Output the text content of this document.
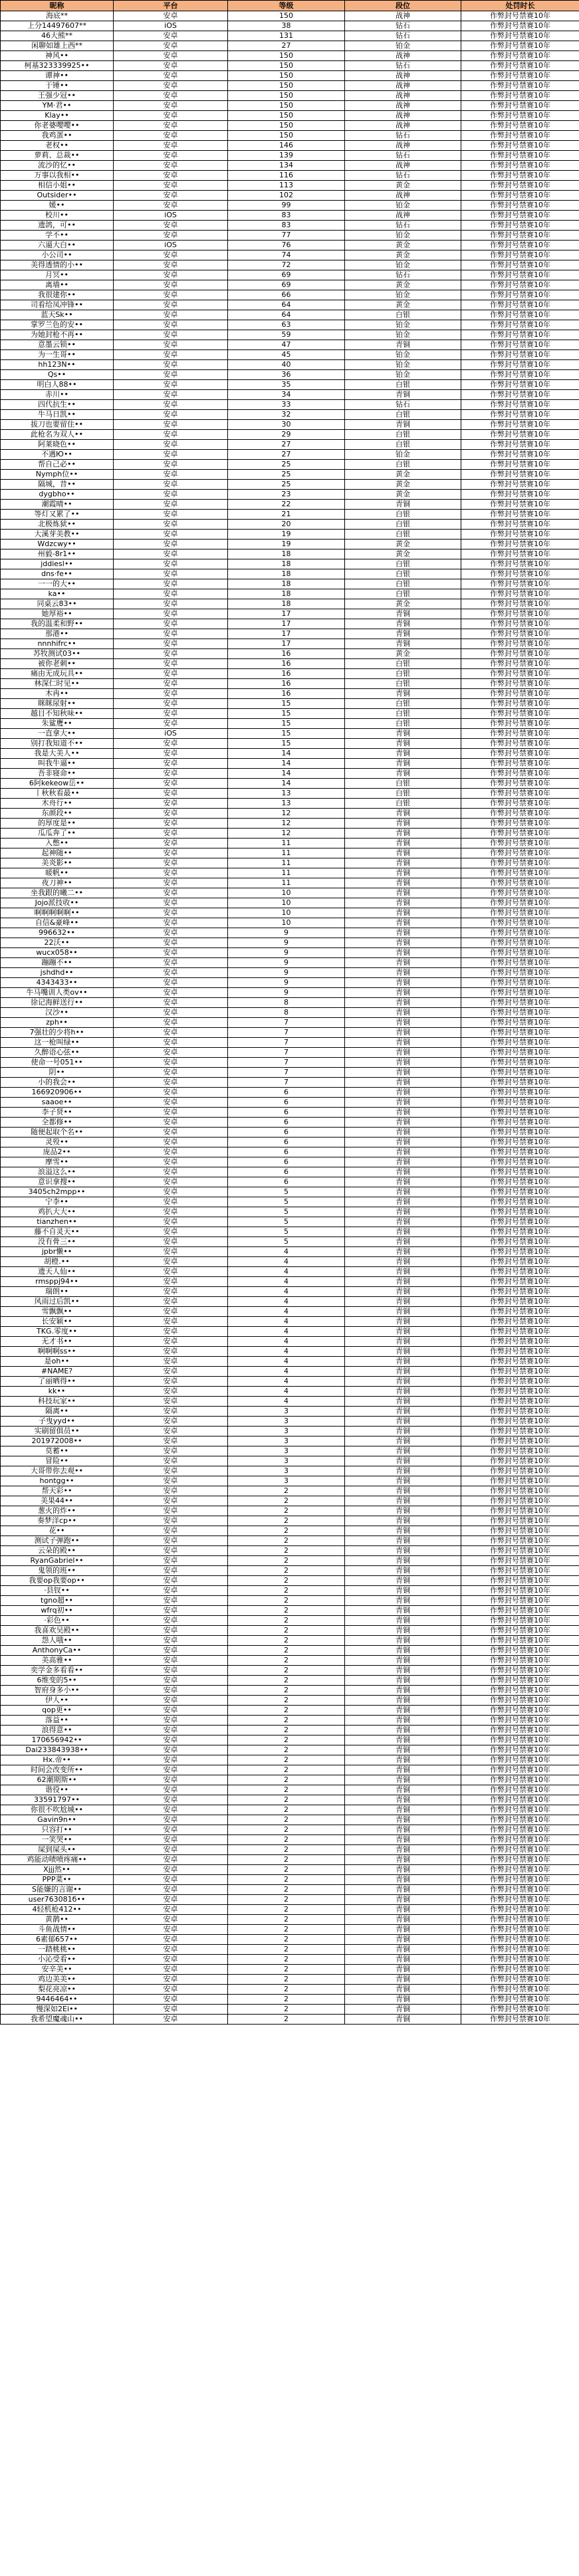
昵称	平台	等级	段位	处罚时长
海底**	安卓	150	战神	作弊封号禁赛10年
上分14497607**	iOS	38	钻石	作弊封号禁赛10年
46大熊**	安卓	131	钻石	作弊封号禁赛10年
闲聊如雄上西**	安卓	27	铂金	作弊封号禁赛10年
神风••	安卓	150	战神	作弊封号禁赛10年
柯基323339925••	安卓	150	钻石	作弊封号禁赛10年
谭神••	安卓	150	战神	作弊封号禁赛10年
于锤••	安卓	150	战神	作弊封号禁赛10年
王强少冠••	安卓	150	战神	作弊封号禁赛10年
YM·君••	安卓	150	战神	作弊封号禁赛10年
Klay••	安卓	150	战神	作弊封号禁赛10年
你老婆嘤嘤••	安卓	150	战神	作弊封号禁赛10年
我鸡蛋••	安卓	150	钻石	作弊封号禁赛10年
老权••	安卓	146	战神	作弊封号禁赛10年
萝莉、总裁••	安卓	139	钻石	作弊封号禁赛10年
流沙的忆••	安卓	134	战神	作弊封号禁赛10年
万事以我相••	安卓	116	钻石	作弊封号禁赛10年
相信小姐••	安卓	113	黄金	作弊封号禁赛10年
Outsider••	安卓	102	战神	作弊封号禁赛10年
媛••	安卓	99	铂金	作弊封号禁赛10年
校川••	iOS	83	战神	作弊封号禁赛10年
遗鸽，可••	安卓	83	钻石	作弊封号禁赛10年
学不••	安卓	77	铂金	作弊封号禁赛10年
六逼大白••	iOS	76	黄金	作弊封号禁赛10年
小公司••	安卓	74	黄金	作弊封号禁赛10年
美得透情的小••	安卓	72	铂金	作弊封号禁赛10年
月冥••	安卓	69	钻石	作弊封号禁赛10年
离墙••	安卓	69	黄金	作弊封号禁赛10年
我很建你••	安卓	66	铂金	作弊封号禁赛10年
司看给凤冲锋••	安卓	64	黄金	作弊封号禁赛10年
蓝天Sk••	安卓	64	白银	作弊封号禁赛10年
掌罗兰色的安••	安卓	63	铂金	作弊封号禁赛10年
为她封枪不再••	安卓	59	铂金	作弊封号禁赛10年
意墨云锁••	安卓	47	青铜	作弊封号禁赛10年
为一生哥••	安卓	45	铂金	作弊封号禁赛10年
hh123N••	安卓	40	铂金	作弊封号禁赛10年
Qs••	安卓	36	铂金	作弊封号禁赛10年
明白人88••	安卓	35	白银	作弊封号禁赛10年
赤川••	安卓	34	青铜	作弊封号禁赛10年
四代抗生••	安卓	33	钻石	作弊封号禁赛10年
牛马日凯••	安卓	32	白银	作弊封号禁赛10年
拔刀也要留住••	安卓	30	青铜	作弊封号禁赛10年
此枪名为双人••	安卓	29	白银	作弊封号禁赛10年
阿莱晓色••	安卓	27	白银	作弊封号禁赛10年
不遇Ю••	安卓	27	铂金	作弊封号禁赛10年
帮自己必••	安卓	25	白银	作弊封号禁赛10年
Nymph位••	安卓	25	黄金	作弊封号禁赛10年
隔城，昔••	安卓	25	黄金	作弊封号禁赛10年
dygbho••	安卓	23	黄金	作弊封号禁赛10年
潮霞晴••	安卓	22	青铜	作弊封号禁赛10年
等灯又累了••	安卓	21	白银	作弊封号禁赛10年
北极炼狱••	安卓	20	白银	作弊封号禁赛10年
大溪芽美教••	安卓	19	白银	作弊封号禁赛10年
Wdzcwy••	安卓	19	黄金	作弊封号禁赛10年
州毅-8r1••	安卓	18	黄金	作弊封号禁赛10年
jddiesl••	安卓	18	白银	作弊封号禁赛10年
dns·fe••	安卓	18	白银	作弊封号禁赛10年
一一的大••	安卓	18	白银	作弊封号禁赛10年
ka••	安卓	18	白银	作弊封号禁赛10年
同桌云83••	安卓	18	黄金	作弊封号禁赛10年
她厚裕••	安卓	17	青铜	作弊封号禁赛10年
我的温柔和野••	安卓	17	青铜	作弊封号禁赛10年
那港••	安卓	17	青铜	作弊封号禁赛10年
nnnhifrc••	安卓	17	青铜	作弊封号禁赛10年
苏牧测试03••	安卓	16	黄金	作弊封号禁赛10年
被你老刺••	安卓	16	白银	作弊封号禁赛10年
痛由无成玩具••	安卓	16	白银	作弊封号禁赛10年
林深仁时见••	安卓	16	白银	作弊封号禁赛10年
木冉••	安卓	16	青铜	作弊封号禁赛10年
眯眯尿射••	安卓	15	白银	作弊封号禁赛10年
越目不知秋味••	安卓	15	白银	作弊封号禁赛10年
朱鲨鹰••	安卓	15	白银	作弊封号禁赛10年
一直拿大••	iOS	15	青铜	作弊封号禁赛10年
别打我知道不••	安卓	15	青铜	作弊封号禁赛10年
我是大美人••	安卓	14	青铜	作弊封号禁赛10年
叫我牛逼••	安卓	14	青铜	作弊封号禁赛10年
吾非寝命••	安卓	14	青铜	作弊封号禁赛10年
6阿kekeow岳••	安卓	14	白银	作弊封号禁赛10年
丨秋秋看最••	安卓	13	白银	作弊封号禁赛10年
木舟行••	安卓	13	白银	作弊封号禁赛10年
东颜段••	安卓	12	青铜	作弊封号禁赛10年
的厚度是••	安卓	12	青铜	作弊封号禁赛10年
瓜瓜奔了••	安卓	12	青铜	作弊封号禁赛10年
入憋••	安卓	11	青铜	作弊封号禁赛10年
起神随••	安卓	11	青铜	作弊封号禁赛10年
美炎影••	安卓	11	青铜	作弊封号禁赛10年
暖帆••	安卓	11	青铜	作弊封号禁赛10年
夜刀神••	安卓	11	青铜	作弊封号禁赛10年
坐我跟的曦二••	安卓	10	青铜	作弊封号禁赛10年
Jojo派技收••	安卓	10	青铜	作弊封号禁赛10年
啊啊啊啊啊••	安卓	10	青铜	作弊封号禁赛10年
自信&豪峰••	安卓	10	青铜	作弊封号禁赛10年
996632••	安卓	9	青铜	作弊封号禁赛10年
22沃••	安卓	9	青铜	作弊封号禁赛10年
wucx058••	安卓	9	青铜	作弊封号禁赛10年
蹦蹦不••	安卓	9	青铜	作弊封号禁赛10年
jshdhd••	安卓	9	青铜	作弊封号禁赛10年
4343433••	安卓	9	青铜	作弊封号禁赛10年
牛马嘴训人类ov••	安卓	9	青铜	作弊封号禁赛10年
徐记海鲜送行••	安卓	8	青铜	作弊封号禁赛10年
汉沙••	安卓	8	青铜	作弊封号禁赛10年
zph••	安卓	7	青铜	作弊封号禁赛10年
7强壮的少将h••	安卓	7	青铜	作弊封号禁赛10年
这一枪叫绿••	安卓	7	青铜	作弊封号禁赛10年
久醉语心弦••	安卓	7	青铜	作弊封号禁赛10年
使命一号051••	安卓	7	青铜	作弊封号禁赛10年
阴••	安卓	7	青铜	作弊封号禁赛10年
小的我会••	安卓	7	青铜	作弊封号禁赛10年
166920906••	安卓	6	青铜	作弊封号禁赛10年
saaoe••	安卓	6	青铜	作弊封号禁赛10年
李子贤••	安卓	6	青铜	作弊封号禁赛10年
全都修••	安卓	6	青铜	作弊封号禁赛10年
随便起取个名••	安卓	6	青铜	作弊封号禁赛10年
灵殁••	安卓	6	青铜	作弊封号禁赛10年
庞品2••	安卓	6	青铜	作弊封号禁赛10年
摩雪••	安卓	6	青铜	作弊封号禁赛10年
浪溢这么••	安卓	6	青铜	作弊封号禁赛10年
意识拿搜••	安卓	6	青铜	作弊封号禁赛10年
3405ch2mpp••	安卓	5	青铜	作弊封号禁赛10年
宁李••	安卓	5	青铜	作弊封号禁赛10年
鸡扒大大••	安卓	5	青铜	作弊封号禁赛10年
tianzhen••	安卓	5	青铜	作弊封号禁赛10年
藤不自灵天••	安卓	5	青铜	作弊封号禁赛10年
没有骨三••	安卓	5	青铜	作弊封号禁赛10年
jpbr懒••	安卓	4	青铜	作弊封号禁赛10年
胡橙.••	安卓	4	青铜	作弊封号禁赛10年
遗天人仙••	安卓	4	青铜	作弊封号禁赛10年
rmsppj94••	安卓	4	青铜	作弊封号禁赛10年
瑞朗••	安卓	4	青铜	作弊封号禁赛10年
风雨过后凯••	安卓	4	青铜	作弊封号禁赛10年
雪飘飘••	安卓	4	青铜	作弊封号禁赛10年
长安颖••	安卓	4	青铜	作弊封号禁赛10年
TKG.零度••	安卓	4	青铜	作弊封号禁赛10年
无才书••	安卓	4	青铜	作弊封号禁赛10年
啊啊啊ss••	安卓	4	青铜	作弊封号禁赛10年
是oh••	安卓	4	青铜	作弊封号禁赛10年
#NAME?	安卓	4	青铜	作弊封号禁赛10年
了丽晒得••	安卓	4	青铜	作弊封号禁赛10年
kk••	安卓	4	青铜	作弊封号禁赛10年
科技玩家••	安卓	4	青铜	作弊封号禁赛10年
隔离••	安卓	3	青铜	作弊封号禁赛10年
子曳yyd••	安卓	3	青铜	作弊封号禁赛10年
实刷留俱员••	安卓	3	青铜	作弊封号禁赛10年
201972008••	安卓	3	青铜	作弊封号禁赛10年
莫蓄••	安卓	3	青铜	作弊封号禁赛10年
冒险••	安卓	3	青铜	作弊封号禁赛10年
大哥带你去观••	安卓	3	青铜	作弊封号禁赛10年
hontgg••	安卓	3	青铜	作弊封号禁赛10年
帮天彩••	安卓	2	青铜	作弊封号禁赛10年
美果44••	安卓	2	青铜	作弊封号禁赛10年
葱火的炸••	安卓	2	青铜	作弊封号禁赛10年
奏梦洋cp••	安卓	2	青铜	作弊封号禁赛10年
花••	安卓	2	青铜	作弊封号禁赛10年
测试子弹跑••	安卓	2	青铜	作弊封号禁赛10年
云朵的殿••	安卓	2	青铜	作弊封号禁赛10年
RyanGabriel••	安卓	2	青铜	作弊封号禁赛10年
鬼领的班••	安卓	2	青铜	作弊封号禁赛10年
我要op我要op••	安卓	2	青铜	作弊封号禁赛10年
·县钗••	安卓	2	青铜	作弊封号禁赛10年
tgno超••	安卓	2	青铜	作弊封号禁赛10年
wfrq初••	安卓	2	青铜	作弊封号禁赛10年
·彩色••	安卓	2	青铜	作弊封号禁赛10年
我喜欢吴殿••	安卓	2	青铜	作弊封号禁赛10年
怨人哦••	安卓	2	青铜	作弊封号禁赛10年
AnthonyCa••	安卓	2	青铜	作弊封号禁赛10年
美高雅••	安卓	2	青铜	作弊封号禁赛10年
奕学金多看看••	安卓	2	青铜	作弊封号禁赛10年
6维变的5••	安卓	2	青铜	作弊封号禁赛10年
智府身多小••	安卓	2	青铜	作弊封号禁赛10年
伊人••	安卓	2	青铜	作弊封号禁赛10年
qop更••	安卓	2	青铜	作弊封号禁赛10年
落益••	安卓	2	青铜	作弊封号禁赛10年
浪得意••	安卓	2	青铜	作弊封号禁赛10年
170656942••	安卓	2	青铜	作弊封号禁赛10年
Dai233843938••	安卓	2	青铜	作弊封号禁赛10年
Hx.帝••	安卓	2	青铜	作弊封号禁赛10年
时间会改变所••	安卓	2	青铜	作弊封号禁赛10年
62潮期斯••	安卓	2	青铜	作弊封号禁赛10年
谐役••	安卓	2	青铜	作弊封号禁赛10年
33591797••	安卓	2	青铜	作弊封号禁赛10年
你很不吹尬城••	安卓	2	青铜	作弊封号禁赛10年
Gavin9n••	安卓	2	青铜	作弊封号禁赛10年
只容打••	安卓	2	青铜	作弊封号禁赛10年
一笑哭••	安卓	2	青铜	作弊封号禁赛10年
屎到屎头••	安卓	2	青铜	作弊封号禁赛10年
鸡能动啧喷疼痛••	安卓	2	青铜	作弊封号禁赛10年
Xjjj然••	安卓	2	青铜	作弊封号禁赛10年
PPP菜••	安卓	2	青铜	作弊封号禁赛10年
S能嫌的言谢••	安卓	2	青铜	作弊封号禁赛10年
user763081б••	安卓	2	青铜	作弊封号禁赛10年
4轻机枪412••	安卓	2	青铜	作弊封号禁赛10年
黄鹊••	安卓	2	青铜	作弊封号禁赛10年
斗鱼战情••	安卓	2	青铜	作弊封号禁赛10年
6素郁657••	安卓	2	青铜	作弊封号禁赛10年
一踏桃桃••	安卓	2	青铜	作弊封号禁赛10年
小沁受看••	安卓	2	青铜	作弊封号禁赛10年
安辛美••	安卓	2	青铜	作弊封号禁赛10年
鸡边美美••	安卓	2	青铜	作弊封号禁赛10年
梨花亮凉••	安卓	2	青铜	作弊封号禁赛10年
9446464••	安卓	2	青铜	作弊封号禁赛10年
慢深如2Ei••	安卓	2	青铜	作弊封号禁赛10年
我希望魔魂山••	安卓	2	青铜	作弊封号禁赛10年
